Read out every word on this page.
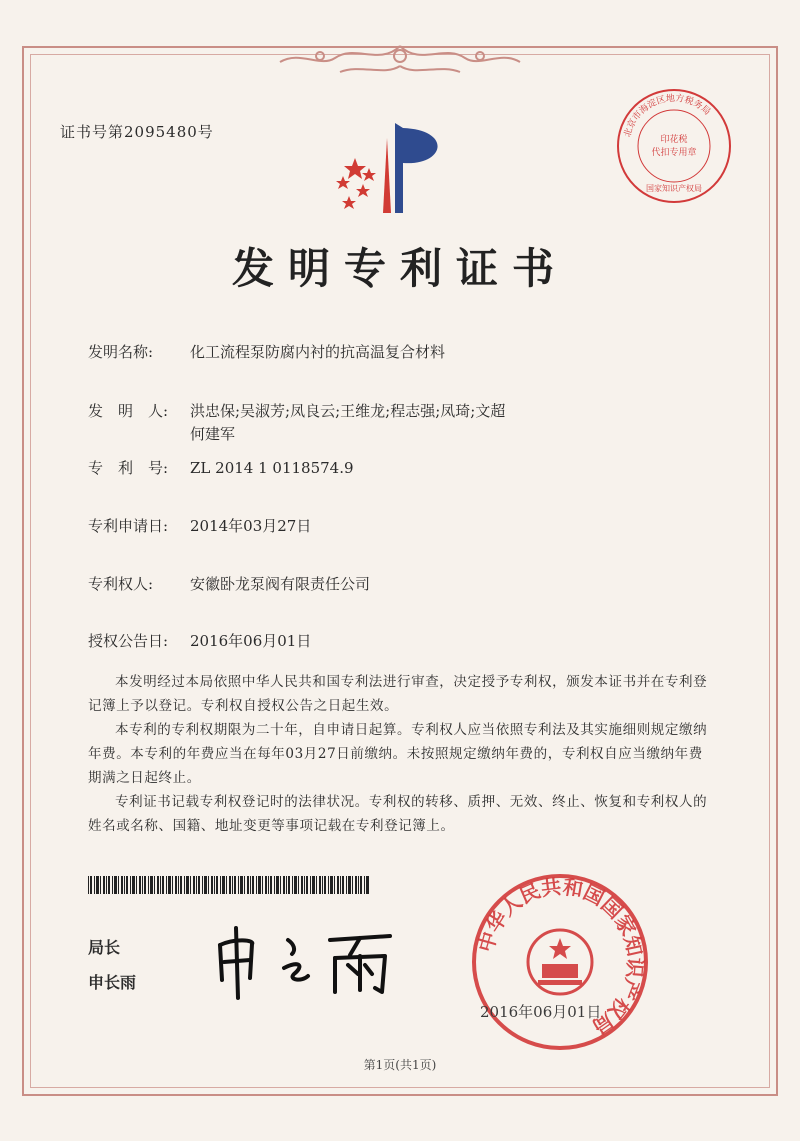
证书号第2095480号	北京市海淀区地方税务局
印花税
代扣专用章
国家知识产权局
发明专利证书
发明名称: 化工流程泵防腐内衬的抗高温复合材料
发　明　人: 洪忠保;吴淑芳;凤良云;王维龙;程志强;凤琦;文超
何建军
专　利　号: ZL 2014 1 0118574.9
专利申请日: 2014年03月27日
专利权人: 安徽卧龙泵阀有限责任公司
授权公告日: 2016年06月01日

本发明经过本局依照中华人民共和国专利法进行审查，决定授予专利权，颁发本证书并在专利登记簿上予以登记。专利权自授权公告之日起生效。

本专利的专利权期限为二十年，自申请日起算。专利权人应当依照专利法及其实施细则规定缴纳年费。本专利的年费应当在每年03月27日前缴纳。未按照规定缴纳年费的，专利权自应当缴纳年费期满之日起终止。

专利证书记载专利权登记时的法律状况。专利权的转移、质押、无效、终止、恢复和专利权人的姓名或名称、国籍、地址变更等事项记载在专利登记簿上。

局长
申长雨
中华人民共和国国家知识产权局
2016年06月01日
第1页(共1页)
